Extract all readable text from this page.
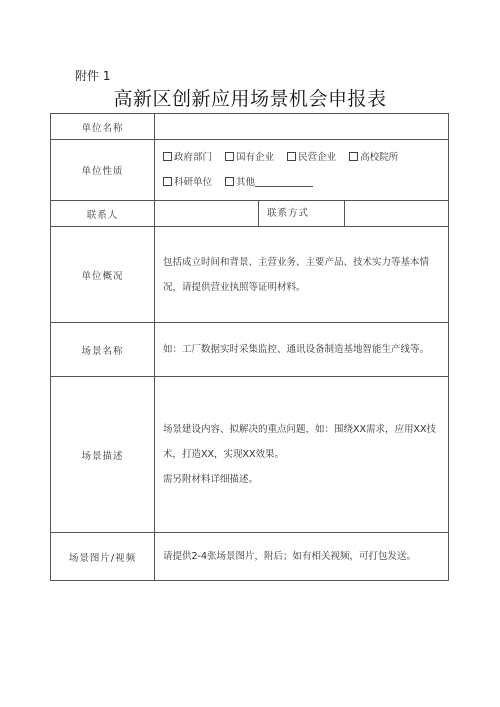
附件 1
高新区创新应用场景机会申报表
单位名称			
单位性质	政府部门 国有企业 民营企业 高校院所
科研单位 其他		
联系人		联系方式	
单位概况	包括成立时间和背景、主营业务、主要产品、技术实力等基本情况，请提供营业执照等证明材料。		
场景名称	如：工厂数据实时采集监控、通讯设备制造基地智能生产线等。		
场景描述	场景建设内容、拟解决的重点问题，如：围绕XX需求，应用XX技术，打造XX，实现XX效果。
需另附材料详细描述。		

场景图片/视频	请提供2-4张场景图片，附后；如有相关视频，可打包发送。		
